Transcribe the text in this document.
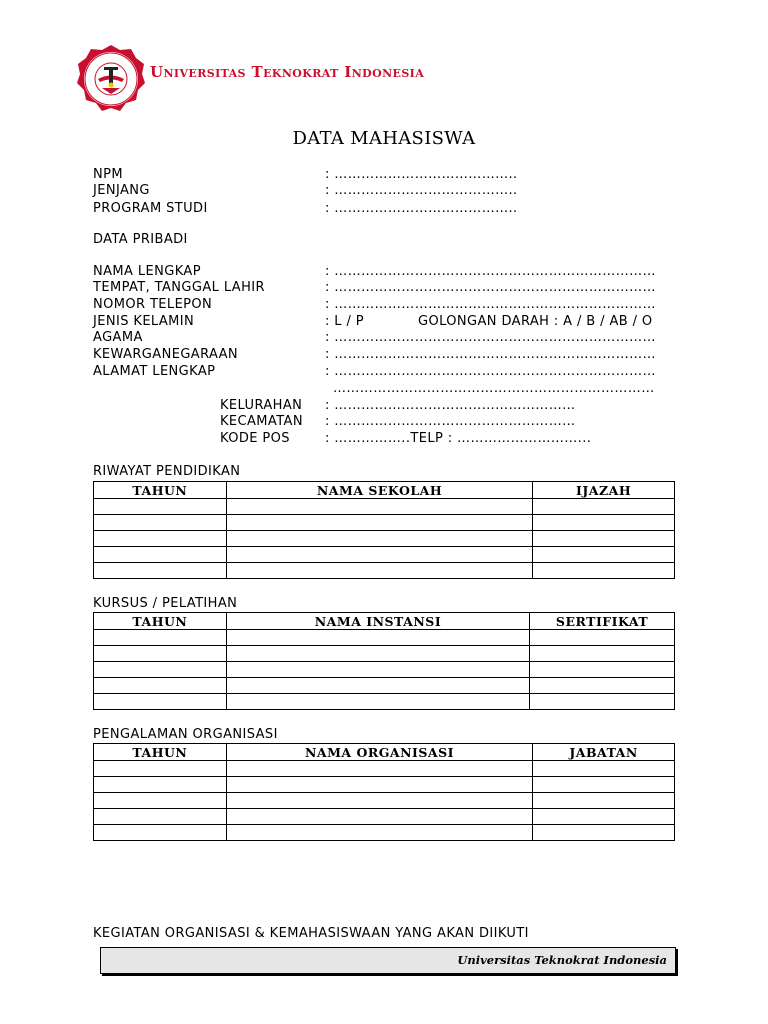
Universitas Teknokrat Indonesia
DATA MAHASISWA
NPM	: …………………………………..
JENJANG	: …………………………………..
PROGRAM STUDI	: …………………………………..
DATA PRIBADI
NAMA LENGKAP	: ………………………………………………………………
TEMPAT, TANGGAL LAHIR	: ………………………………………………………………
NOMOR TELEPON	: ………………………………………………………………
JENIS KELAMIN	: L / P	GOLONGAN DARAH : A / B / AB / O
AGAMA	: ………………………………………………………………
KEWARGANEGARAAN	: ………………………………………………………………
ALAMAT LENGKAP	: ………………………………………………………………
………………………………………………………………
KELURAHAN : ………………………………………………
KECAMATAN : ………………………………………………
KODE POS	: ……………..TELP : ………………………...
RIWAYAT PENDIDIKAN
TAHUN	NAMA SEKOLAH	IJAZAH

KURSUS / PELATIHAN
TAHUN	NAMA INSTANSI	SERTIFIKAT

PENGALAMAN ORGANISASI
TAHUN	NAMA ORGANISASI	JABATAN

KEGIATAN ORGANISASI & KEMAHASISWAAN YANG AKAN DIIKUTI
Universitas Teknokrat Indonesia
